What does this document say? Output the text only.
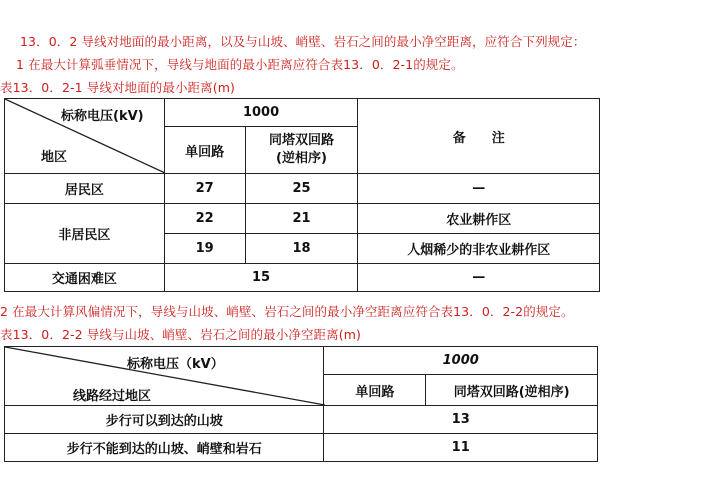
13．0．2 导线对地面的最小距离，以及与山坡、峭壁、岩石之间的最小净空距离，应符合下列规定：
1 在最大计算弧垂情况下，导线与地面的最小距离应符合表13．0．2-1的规定。
表13．0．2-1 导线对地面的最小距离(m)
标称电压(kV)
地区	1000		备　　注
	单回路	同塔双回路
(逆相序)	

居民区	27	25	—
非居民区	22	21	农业耕作区
	19	18	人烟稀少的非农业耕作区
交通困难区	15		—
2 在最大计算风偏情况下，导线与山坡、峭壁、岩石之间的最小净空距离应符合表13．0．2-2的规定。
表13．0．2-2 导线与山坡、峭壁、岩石之间的最小净空距离(m)
标称电压（kV）
线路经过地区	1000	
	单回路	同塔双回路(逆相序)
步行可以到达的山坡	13	
步行不能到达的山坡、峭壁和岩石	11	
